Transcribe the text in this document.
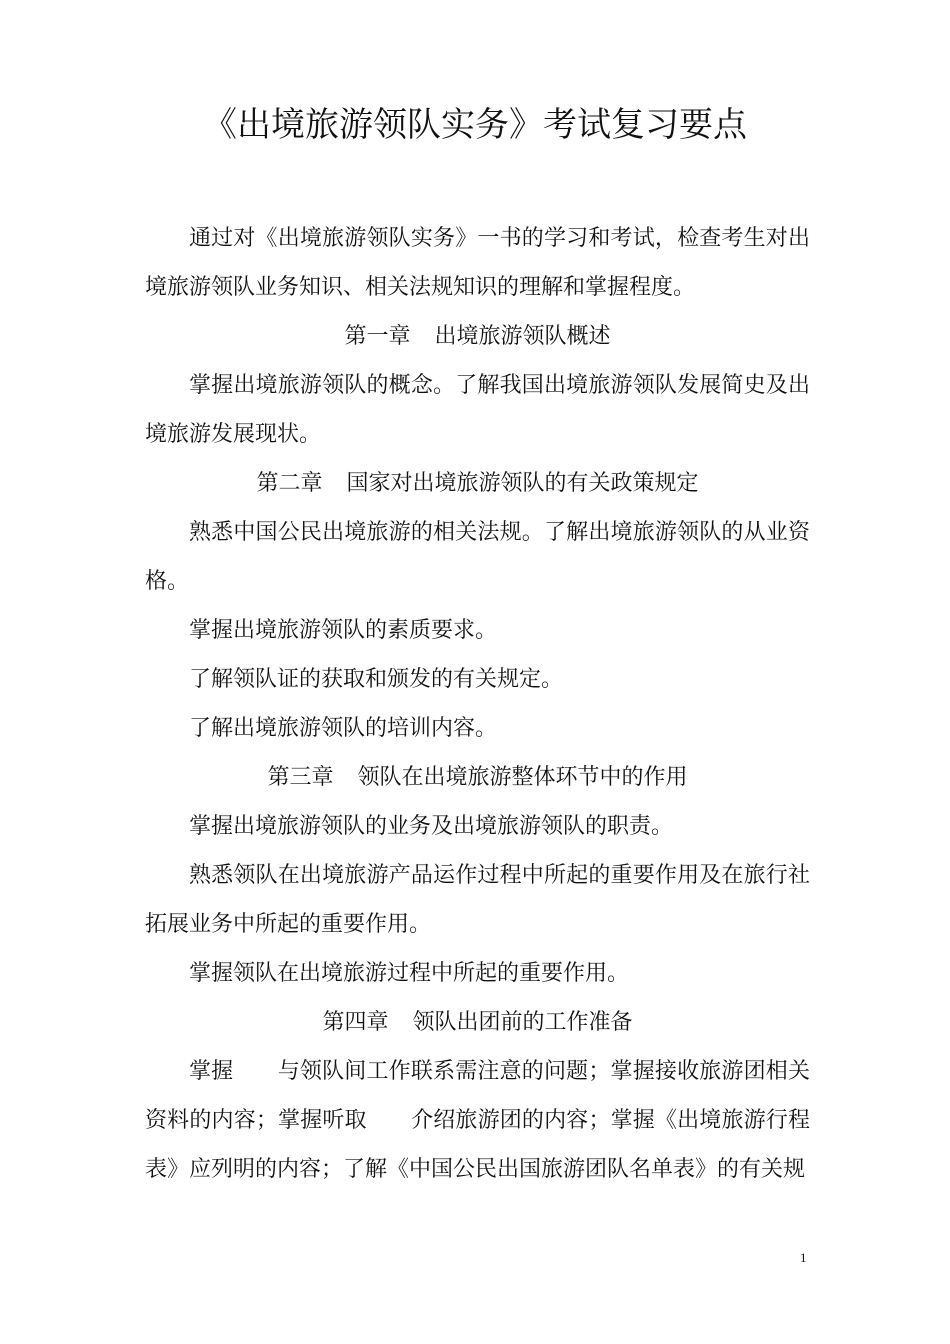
《出境旅游领队实务》考试复习要点

通过对《出境旅游领队实务》一书的学习和考试，检查考生对出境旅游领队业务知识、相关法规知识的理解和掌握程度。

第一章 出境旅游领队概述

掌握出境旅游领队的概念。了解我国出境旅游领队发展简史及出境旅游发展现状。

第二章 国家对出境旅游领队的有关政策规定

熟悉中国公民出境旅游的相关法规。了解出境旅游领队的从业资格。

掌握出境旅游领队的素质要求。

了解领队证的获取和颁发的有关规定。

了解出境旅游领队的培训内容。

第三章 领队在出境旅游整体环节中的作用

掌握出境旅游领队的业务及出境旅游领队的职责。

熟悉领队在出境旅游产品运作过程中所起的重要作用及在旅行社拓展业务中所起的重要作用。

掌握领队在出境旅游过程中所起的重要作用。

第四章 领队出团前的工作准备

掌握　　与领队间工作联系需注意的问题；掌握接收旅游团相关资料的内容；掌握听取　　介绍旅游团的内容；掌握《出境旅游行程表》应列明的内容；了解《中国公民出国旅游团队名单表》的有关规

1
